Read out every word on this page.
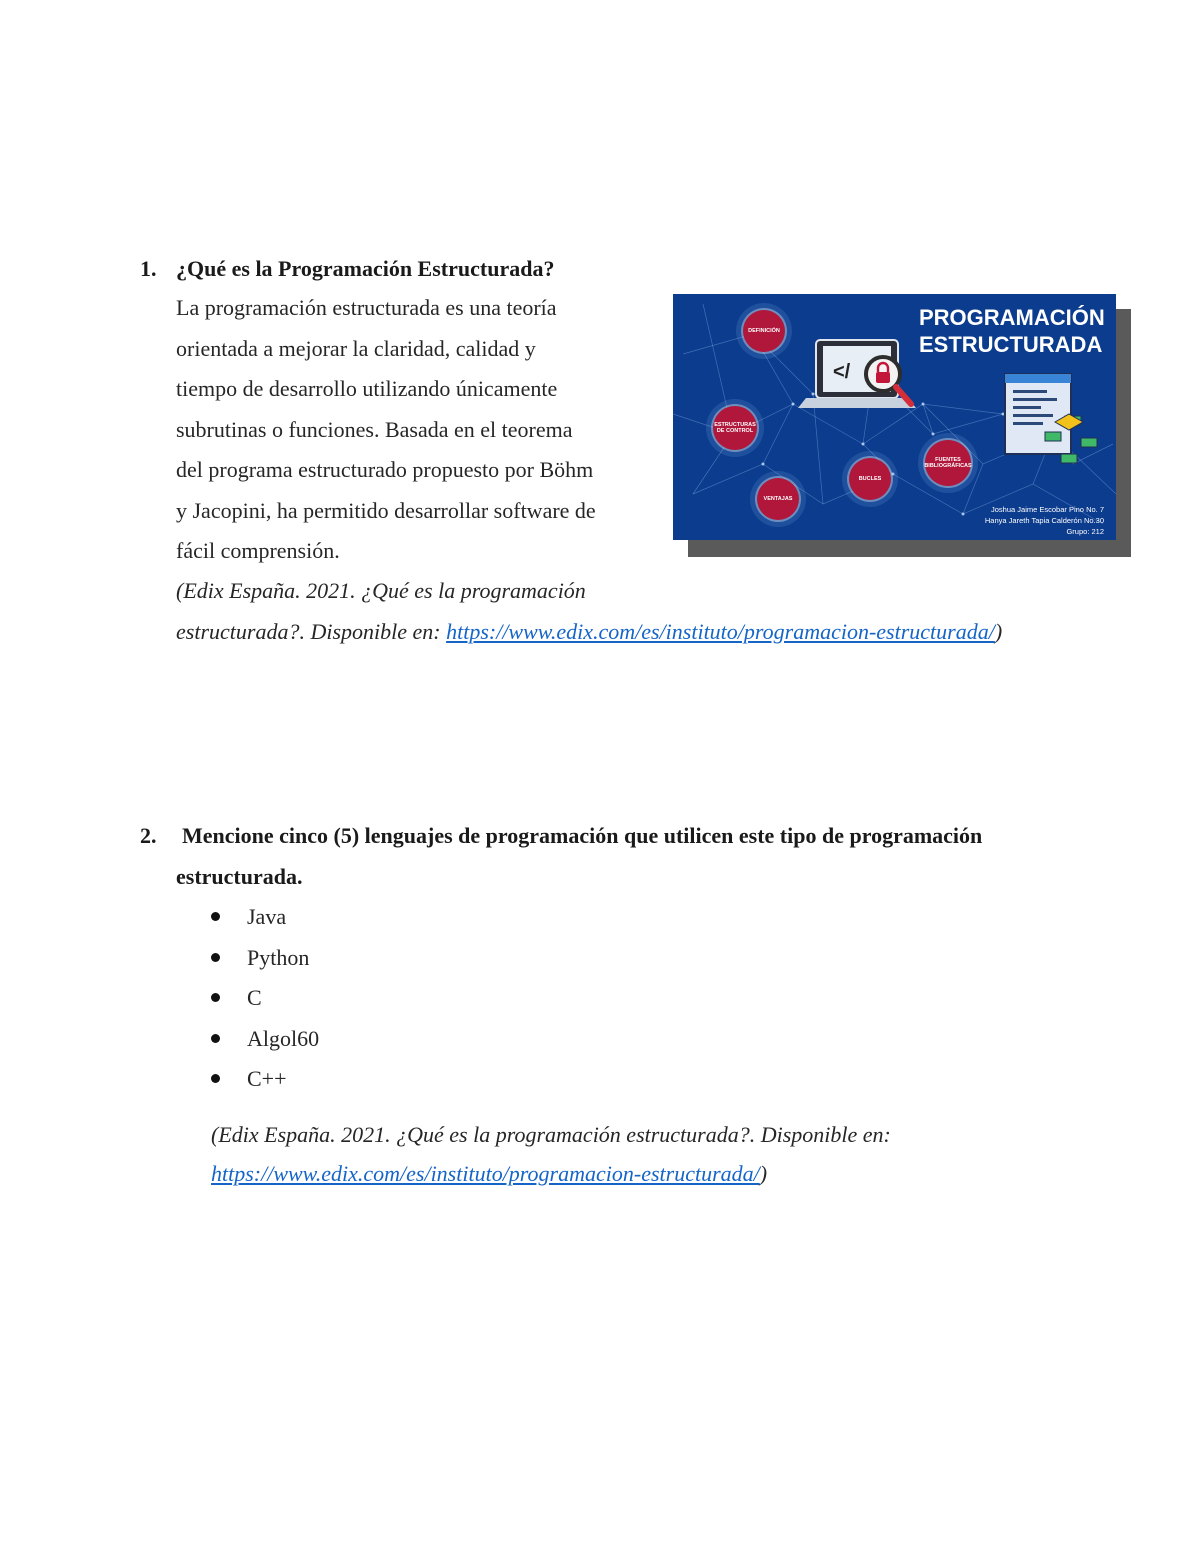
1. ¿Qué es la Programación Estructurada?
La programación estructurada es una teoría
orientada a mejorar la claridad, calidad y
tiempo de desarrollo utilizando únicamente
subrutinas o funciones. Basada en el teorema
del programa estructurado propuesto por Böhm
y Jacopini, ha permitido desarrollar software de
fácil comprensión.
(Edix España. 2021. ¿Qué es la programación
estructurada?. Disponible en: https://www.edix.com/es/instituto/programacion-estructurada/)
</
PROGRAMACIÓN
ESTRUCTURADA
DEFINICIÓN
ESTRUCTURAS DE CONTROL
VENTAJAS
BUCLES
FUENTES BIBLIOGRÁFICAS
Joshua Jaime Escobar Pino No. 7
Hanya Jareth Tapia Calderón No.30
Grupo: 212
2. Mencione cinco (5) lenguajes de programación que utilicen este tipo de programación
estructurada.
Java
Python
C
Algol60
C++
(Edix España. 2021. ¿Qué es la programación estructurada?. Disponible en:
https://www.edix.com/es/instituto/programacion-estructurada/)
